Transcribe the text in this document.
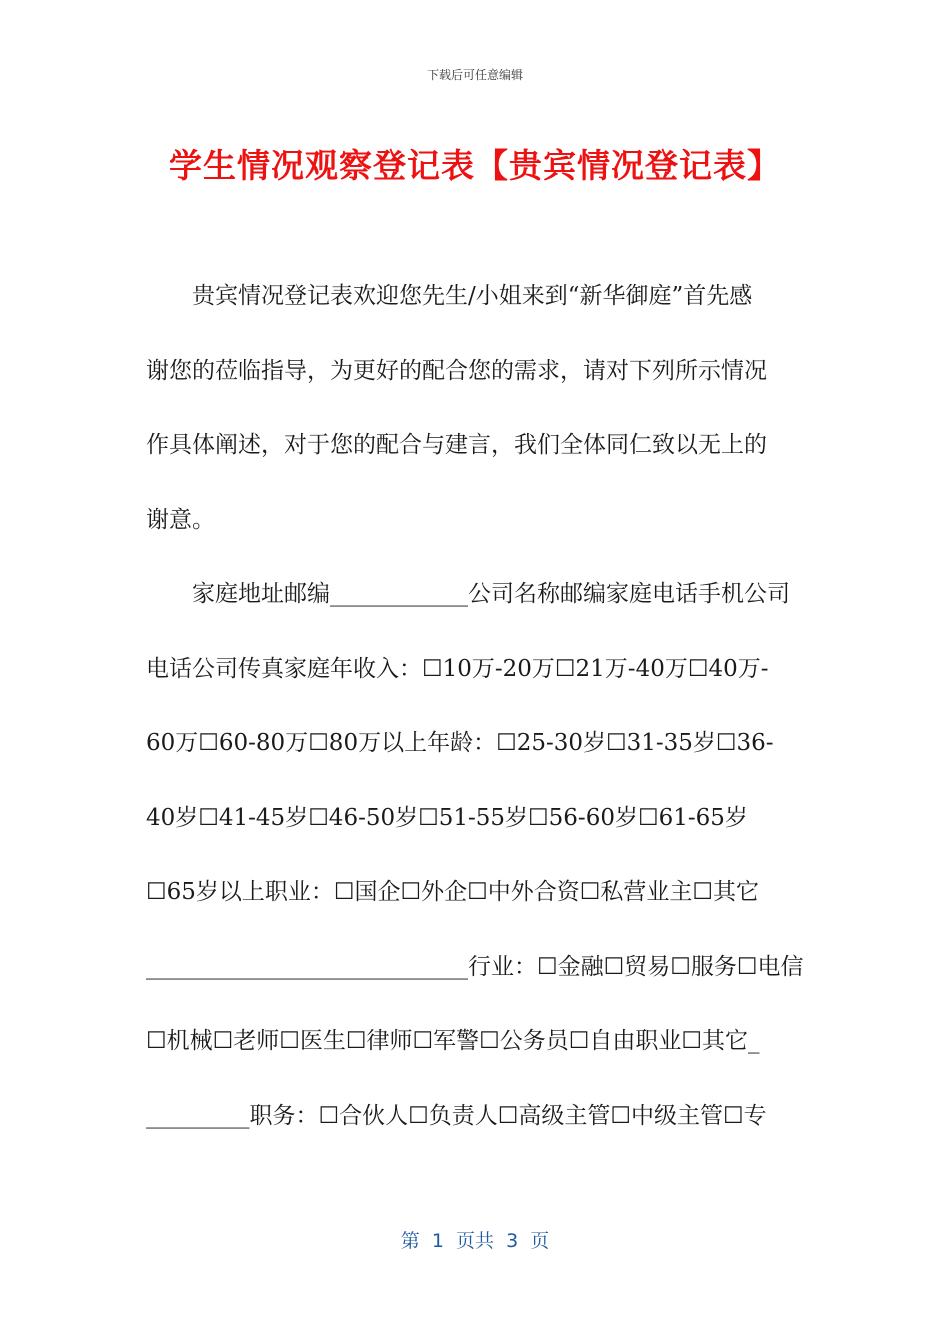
下载后可任意编辑
学生情况观察登记表【贵宾情况登记表】
　　贵宾情况登记表欢迎您先生/小姐来到“新华御庭”首先感
谢您的莅临指导，为更好的配合您的需求，请对下列所示情况
作具体阐述，对于您的配合与建言，我们全体同仁致以无上的
谢意。
　　家庭地址邮编____________公司名称邮编家庭电话手机公司
电话公司传真家庭年收入：☐10万-20万☐21万-40万☐40万-
60万☐60-80万☐80万以上年龄：☐25-30岁☐31-35岁☐36-
40岁☐41-45岁☐46-50岁☐51-55岁☐56-60岁☐61-65岁
☐65岁以上职业：☐国企☐外企☐中外合资☐私营业主☐其它
____________________________行业：☐金融☐贸易☐服务☐电信
☐机械☐老师☐医生☐律师☐军警☐公务员☐自由职业☐其它_
_________职务：☐合伙人☐负责人☐高级主管☐中级主管☐专
第  1  页共  3  页
